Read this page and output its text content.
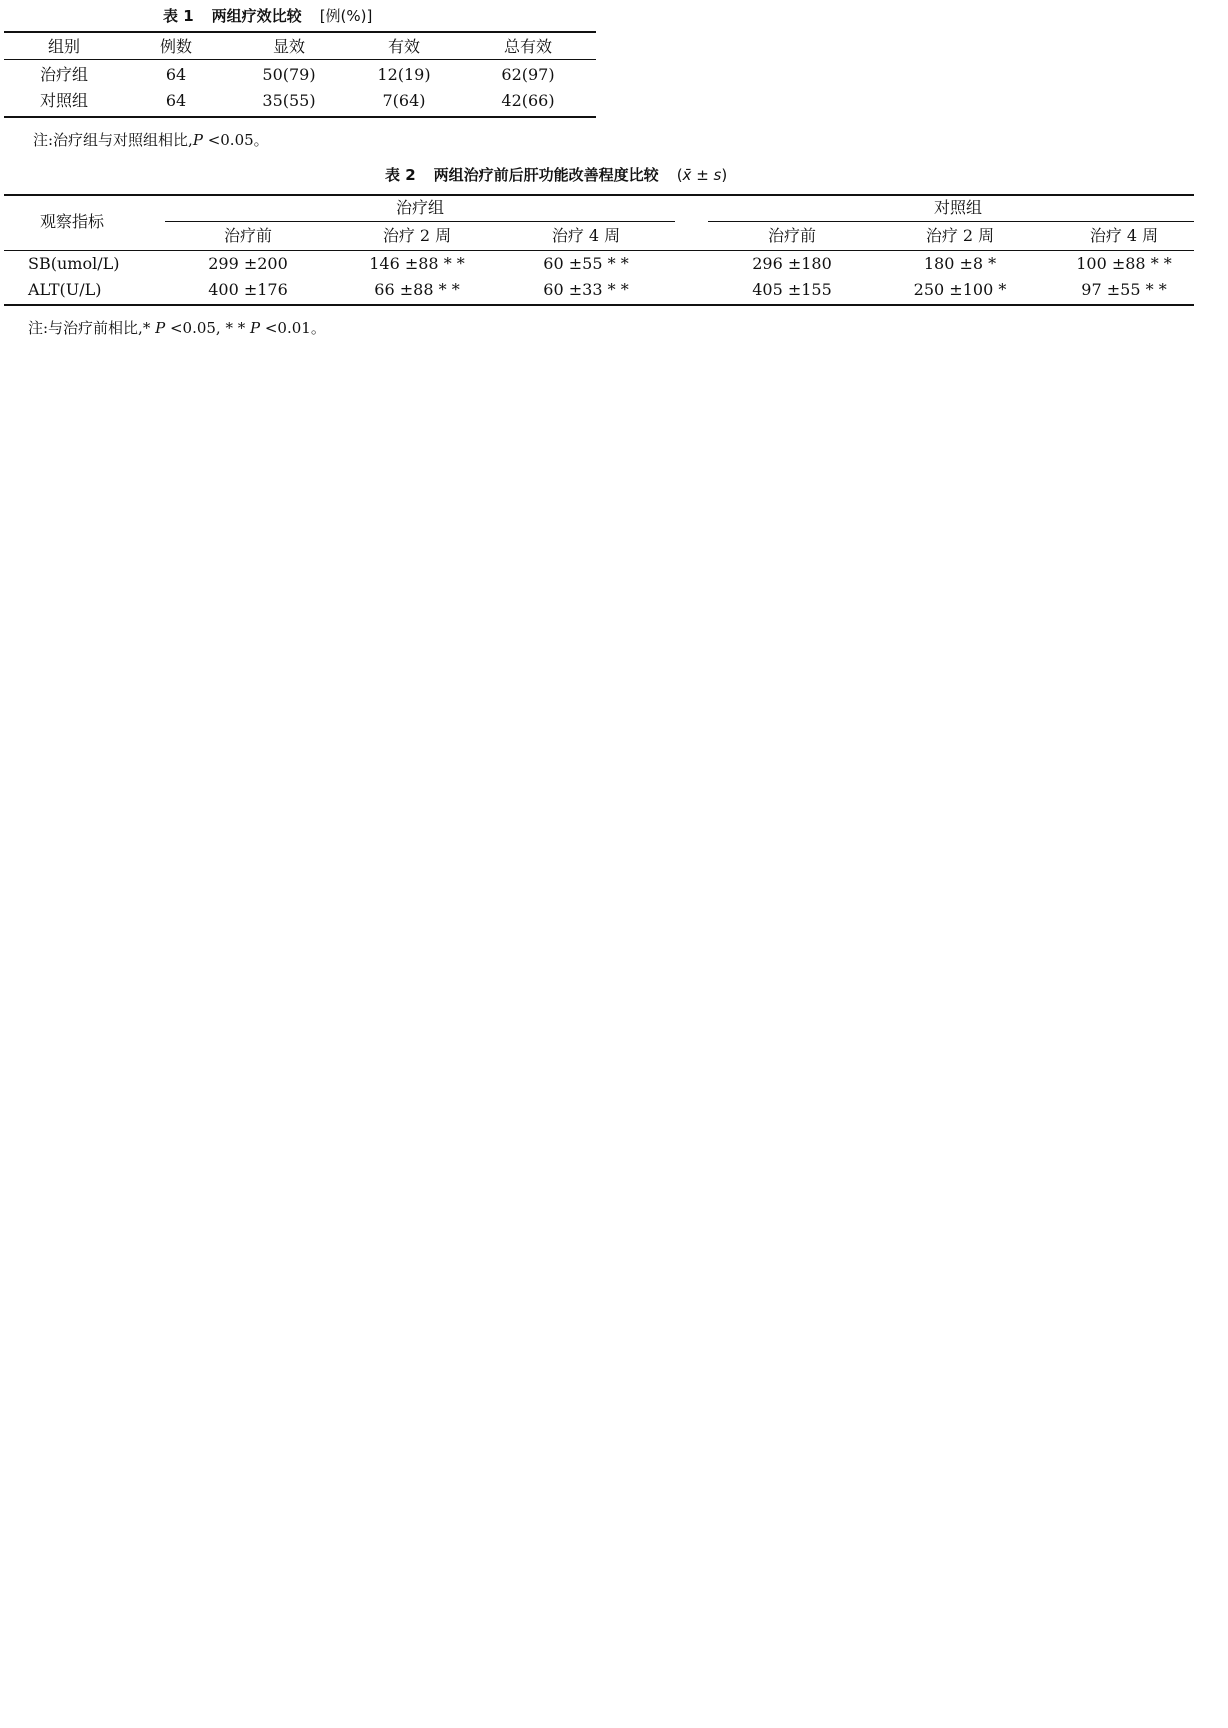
表 1 两组疗效比较 [例(%)]
组别	例数	显效	有效	总有效
治疗组	64	50(79)	12(19)	62(97)
对照组	64	35(55)	7(64)	42(66)
注:治疗组与对照组相比,P <0.05。
表 2 两组治疗前后肝功能改善程度比较 (x̄ ± s)
治疗组	对照组
观察指标
治疗前	治疗 2 周	治疗 4 周	治疗前	治疗 2 周	治疗 4 周
SB(umol/L)	299 ±200	146 ±88 * *	60 ±55 * *	296 ±180	180 ±8 *	100 ±88 * *
ALT(U/L)	400 ±176	66 ±88 * *	60 ±33 * *	405 ±155	250 ±100 *	97 ±55 * *
注:与治疗前相比,* P <0.05, * * P <0.01。
